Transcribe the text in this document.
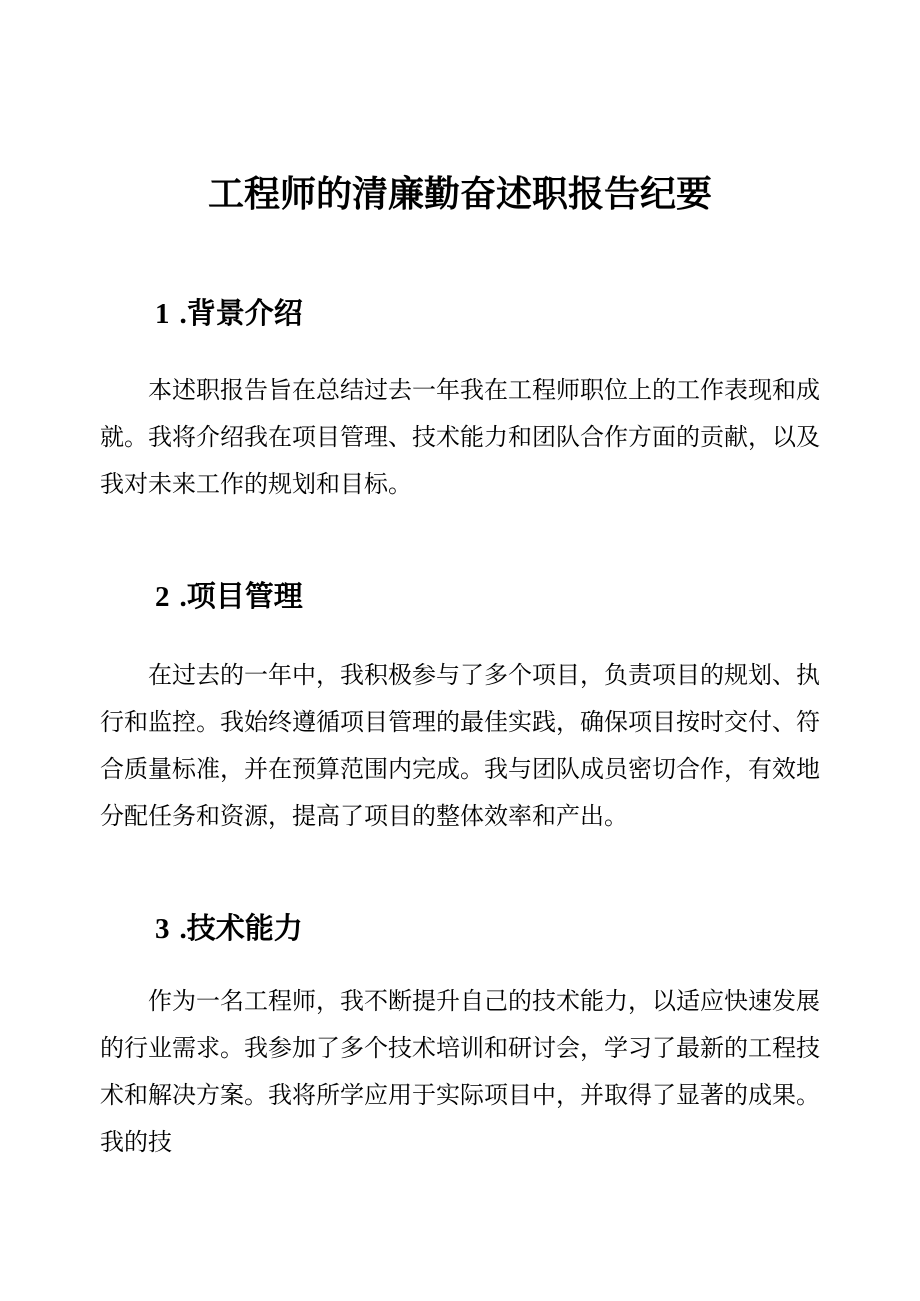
工程师的清廉勤奋述职报告纪要
1 .背景介绍

本述职报告旨在总结过去一年我在工程师职位上的工作表现和成就。我将介绍我在项目管理、技术能力和团队合作方面的贡献，以及我对未来工作的规划和目标。

2 .项目管理

在过去的一年中，我积极参与了多个项目，负责项目的规划、执行和监控。我始终遵循项目管理的最佳实践，确保项目按时交付、符合质量标准，并在预算范围内完成。我与团队成员密切合作，有效地分配任务和资源，提高了项目的整体效率和产出。

3 .技术能力

作为一名工程师，我不断提升自己的技术能力，以适应快速发展的行业需求。我参加了多个技术培训和研讨会，学习了最新的工程技术和解决方案。我将所学应用于实际项目中，并取得了显著的成果。我的技
